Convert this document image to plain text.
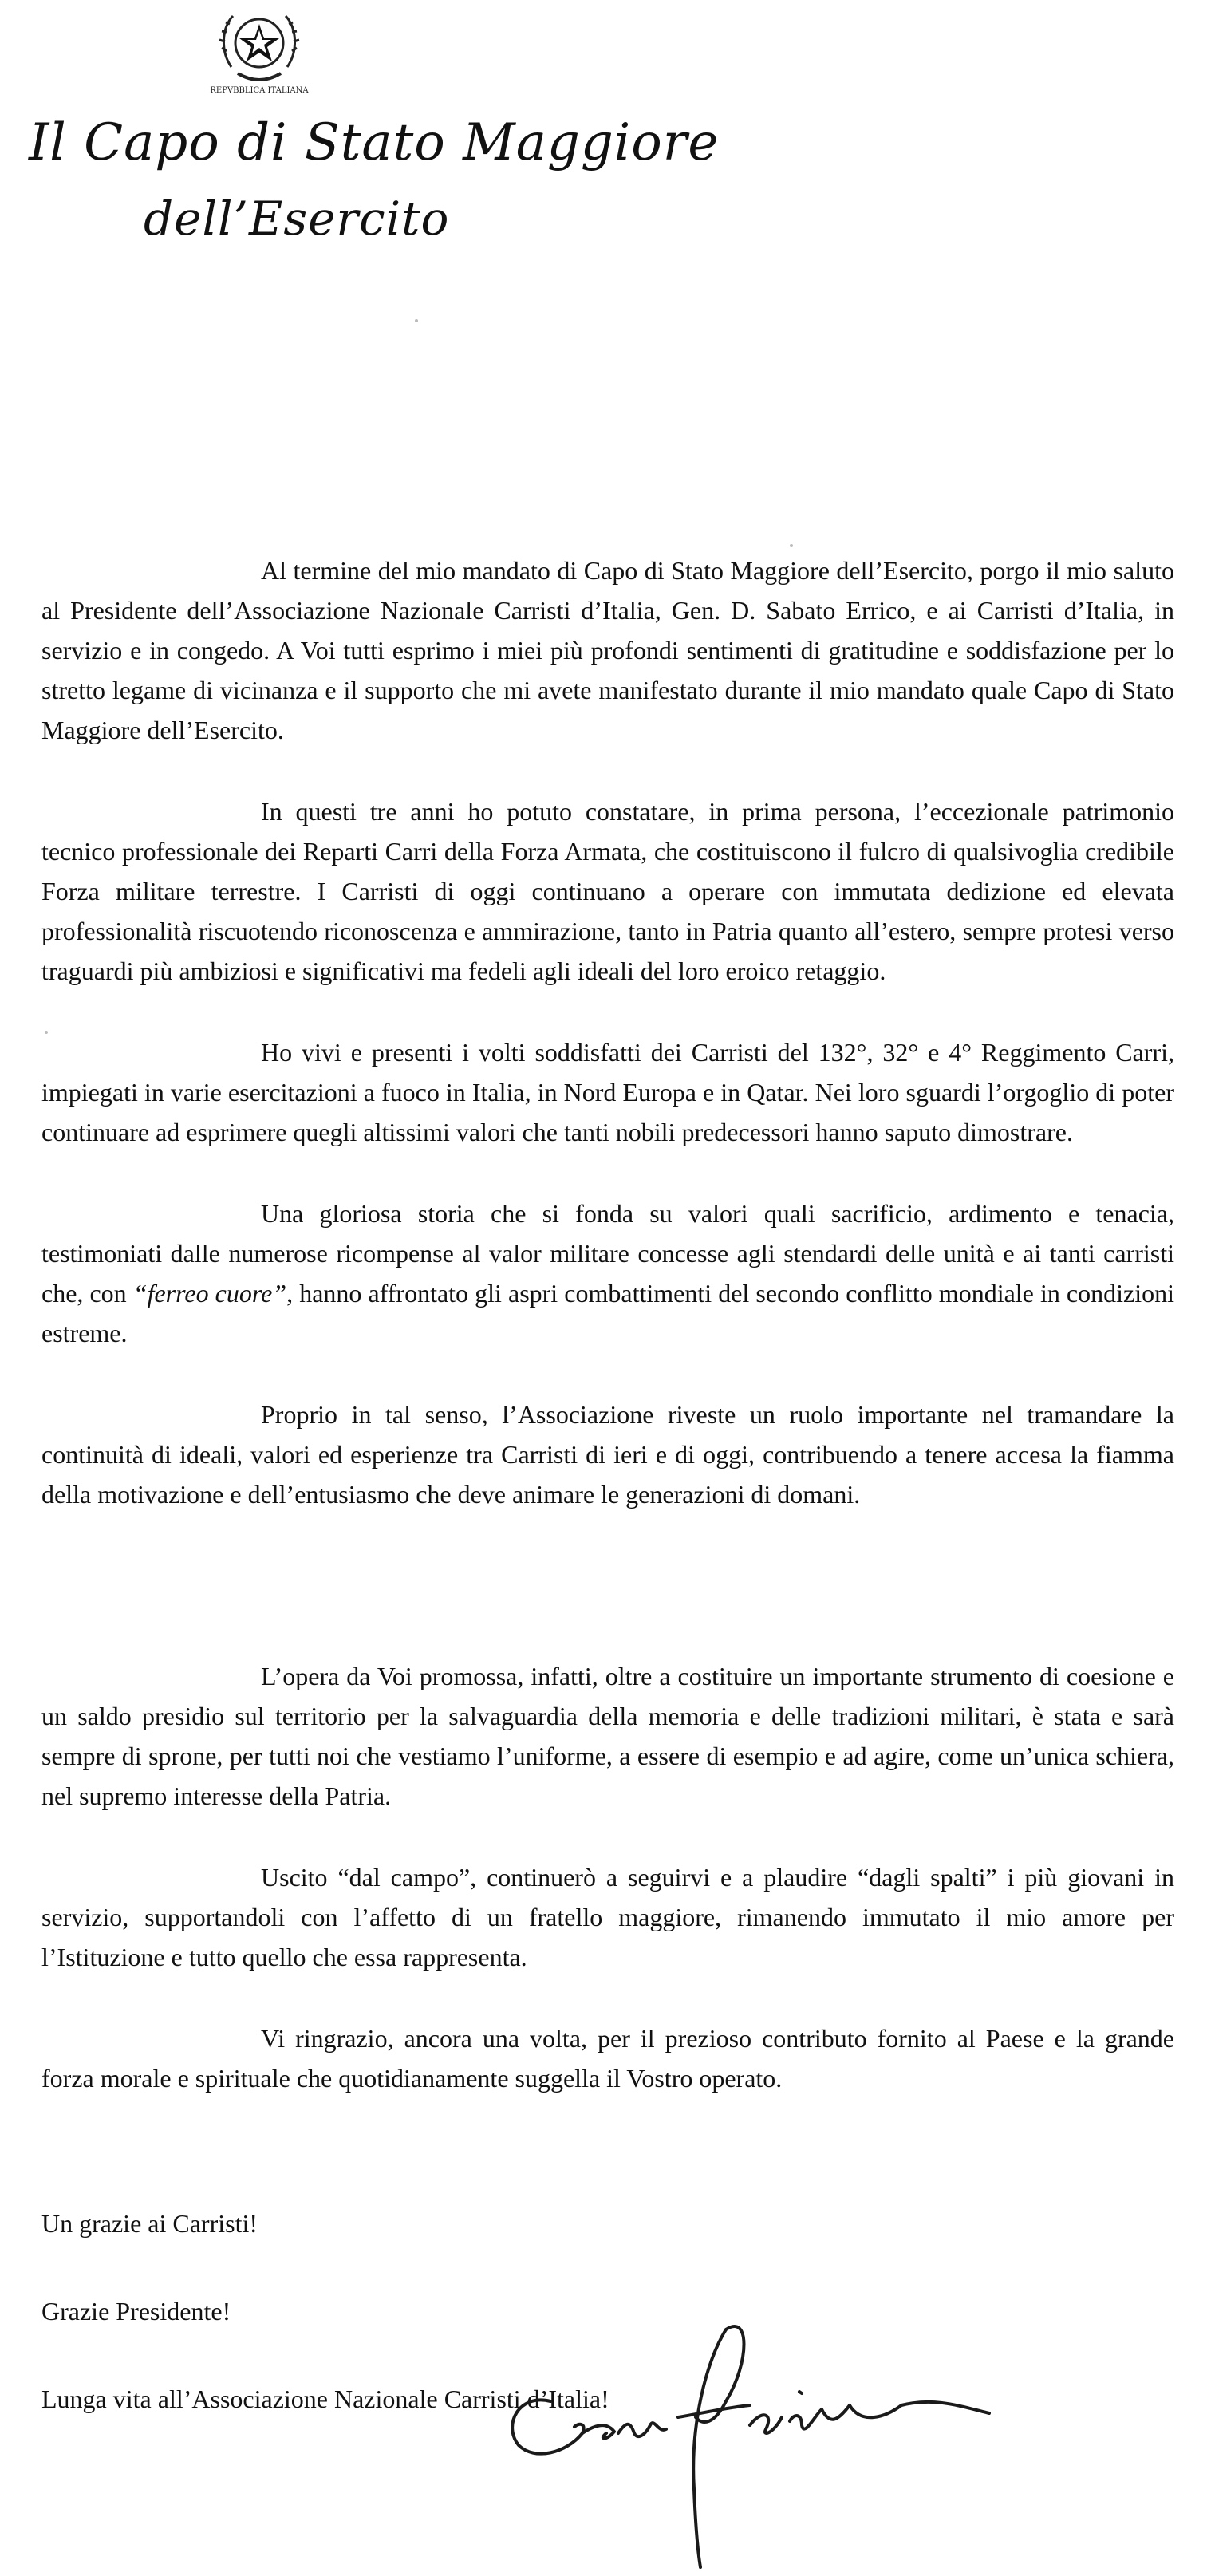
REPVBBLICA ITALIANA
Il Capo di Stato Maggiore
dell’Esercito

Al termine del mio mandato di Capo di Stato Maggiore dell’Esercito, porgo il mio saluto al Presidente dell’Associazione Nazionale Carristi d’Italia, Gen. D. Sabato Errico, e ai Carristi d’Italia, in servizio e in congedo. A Voi tutti esprimo i miei più profondi sentimenti di gratitudine e soddisfazione per lo stretto legame di vicinanza e il supporto che mi avete manifestato durante il mio mandato quale Capo di Stato Maggiore dell’Esercito.

In questi tre anni ho potuto constatare, in prima persona, l’eccezionale patrimonio tecnico professionale dei Reparti Carri della Forza Armata, che costituiscono il fulcro di qualsivoglia credibile Forza militare terrestre. I Carristi di oggi continuano a operare con immutata dedizione ed elevata professionalità riscuotendo riconoscenza e ammirazione, tanto in Patria quanto all’estero, sempre protesi verso traguardi più ambiziosi e significativi ma fedeli agli ideali del loro eroico retaggio.

Ho vivi e presenti i volti soddisfatti dei Carristi del 132°, 32° e 4° Reggimento Carri, impiegati in varie esercitazioni a fuoco in Italia, in Nord Europa e in Qatar. Nei loro sguardi l’orgoglio di poter continuare ad esprimere quegli altissimi valori che tanti nobili predecessori hanno saputo dimostrare.

Una gloriosa storia che si fonda su valori quali sacrificio, ardimento e tenacia, testimoniati dalle numerose ricompense al valor militare concesse agli stendardi delle unità e ai tanti carristi che, con “ferreo cuore”, hanno affrontato gli aspri combattimenti del secondo conflitto mondiale in condizioni estreme.

Proprio in tal senso, l’Associazione riveste un ruolo importante nel tramandare la continuità di ideali, valori ed esperienze tra Carristi di ieri e di oggi, contribuendo a tenere accesa la fiamma della motivazione e dell’entusiasmo che deve animare le generazioni di domani.

L’opera da Voi promossa, infatti, oltre a costituire un importante strumento di coesione e un saldo presidio sul territorio per la salvaguardia della memoria e delle tradizioni militari, è stata e sarà sempre di sprone, per tutti noi che vestiamo l’uniforme, a essere di esempio e ad agire, come un’unica schiera, nel supremo interesse della Patria.

Uscito “dal campo”, continuerò a seguirvi e a plaudire “dagli spalti” i più giovani in servizio, supportandoli con l’affetto di un fratello maggiore, rimanendo immutato il mio amore per l’Istituzione e tutto quello che essa rappresenta.

Vi ringrazio, ancora una volta, per il prezioso contributo fornito al Paese e la grande forza morale e spirituale che quotidianamente suggella il Vostro operato.

Un grazie ai Carristi!

Grazie Presidente!

Lunga vita all’Associazione Nazionale Carristi d’Italia!
